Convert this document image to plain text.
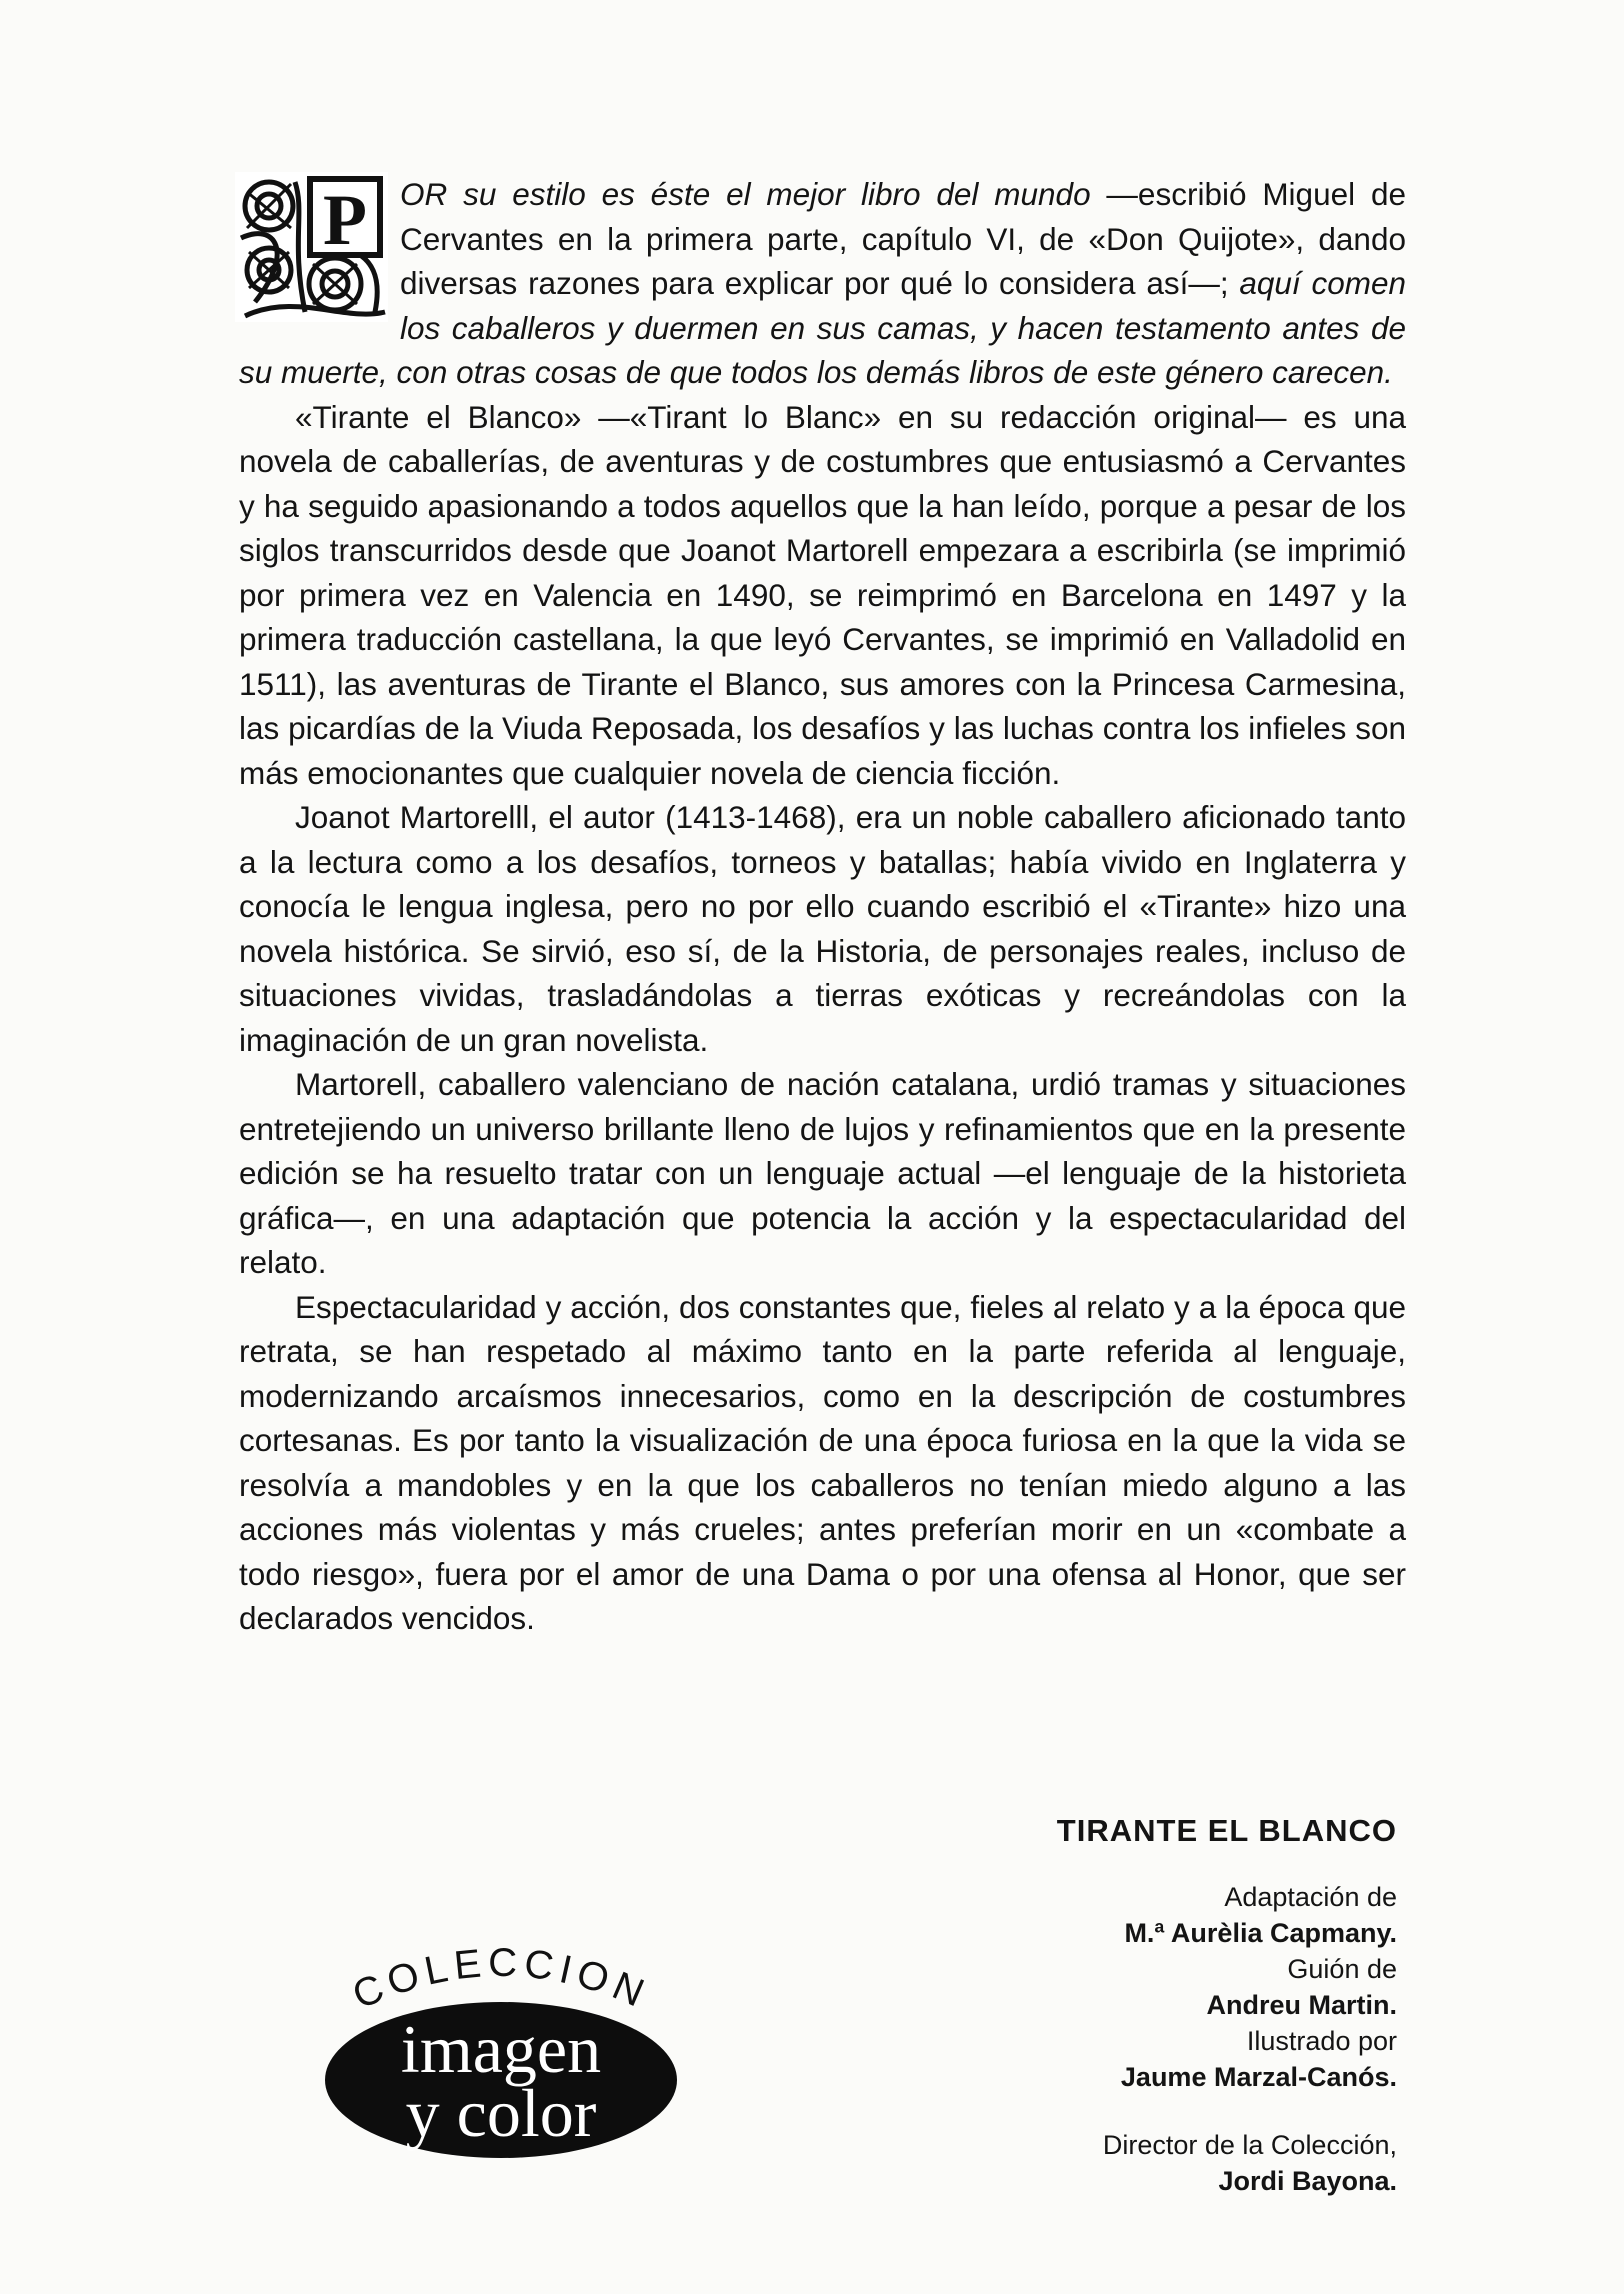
P OR su estilo es éste el mejor libro del mundo —escribió Miguel de Cervantes en la primera parte, capítulo VI, de «Don Quijote», dando diversas razones para explicar por qué lo considera así—; aquí comen los caballeros y duermen en sus camas, y hacen testamento antes de su muerte, con otras cosas de que todos los demás libros de este género carecen.

«Tirante el Blanco» —«Tirant lo Blanc» en su redacción original— es una novela de caballerías, de aventuras y de costumbres que entusiasmó a Cervantes y ha seguido apasionando a todos aquellos que la han leído, porque a pesar de los siglos transcurridos desde que Joanot Martorell empezara a escribirla (se imprimió por primera vez en Valencia en 1490, se reimprimó en Barcelona en 1497 y la primera traducción castellana, la que leyó Cervantes, se imprimió en Valladolid en 1511), las aventuras de Tirante el Blanco, sus amores con la Princesa Carmesina, las picardías de la Viuda Reposada, los desafíos y las luchas contra los infieles son más emocionantes que cualquier novela de ciencia ficción.

Joanot Martorelll, el autor (1413-1468), era un noble caballero aficionado tanto a la lectura como a los desafíos, torneos y batallas; había vivido en Inglaterra y conocía le lengua inglesa, pero no por ello cuando escribió el «Tirante» hizo una novela histórica. Se sirvió, eso sí, de la Historia, de personajes reales, incluso de situaciones vividas, trasladándolas a tierras exóticas y recreándolas con la imaginación de un gran novelista.

Martorell, caballero valenciano de nación catalana, urdió tramas y situaciones entretejiendo un universo brillante lleno de lujos y refinamientos que en la presente edición se ha resuelto tratar con un lenguaje actual —el lenguaje de la historieta gráfica—, en una adaptación que potencia la acción y la espectacularidad del relato.

Espectacularidad y acción, dos constantes que, fieles al relato y a la época que retrata, se han respetado al máximo tanto en la parte referida al lenguaje, modernizando arcaísmos innecesarios, como en la descripción de costumbres cortesanas. Es por tanto la visualización de una época furiosa en la que la vida se resolvía a mandobles y en la que los caballeros no tenían miedo alguno a las acciones más violentas y más crueles; antes preferían morir en un «combate a todo riesgo», fuera por el amor de una Dama o por una ofensa al Honor, que ser declarados vencidos.

COLECCION
imagen
y color
TIRANTE EL BLANCO
Adaptación de
M.ª Aurèlia Capmany.
Guión de
Andreu Martin.
Ilustrado por
Jaume Marzal-Canós.
Director de la Colección,
Jordi Bayona.
